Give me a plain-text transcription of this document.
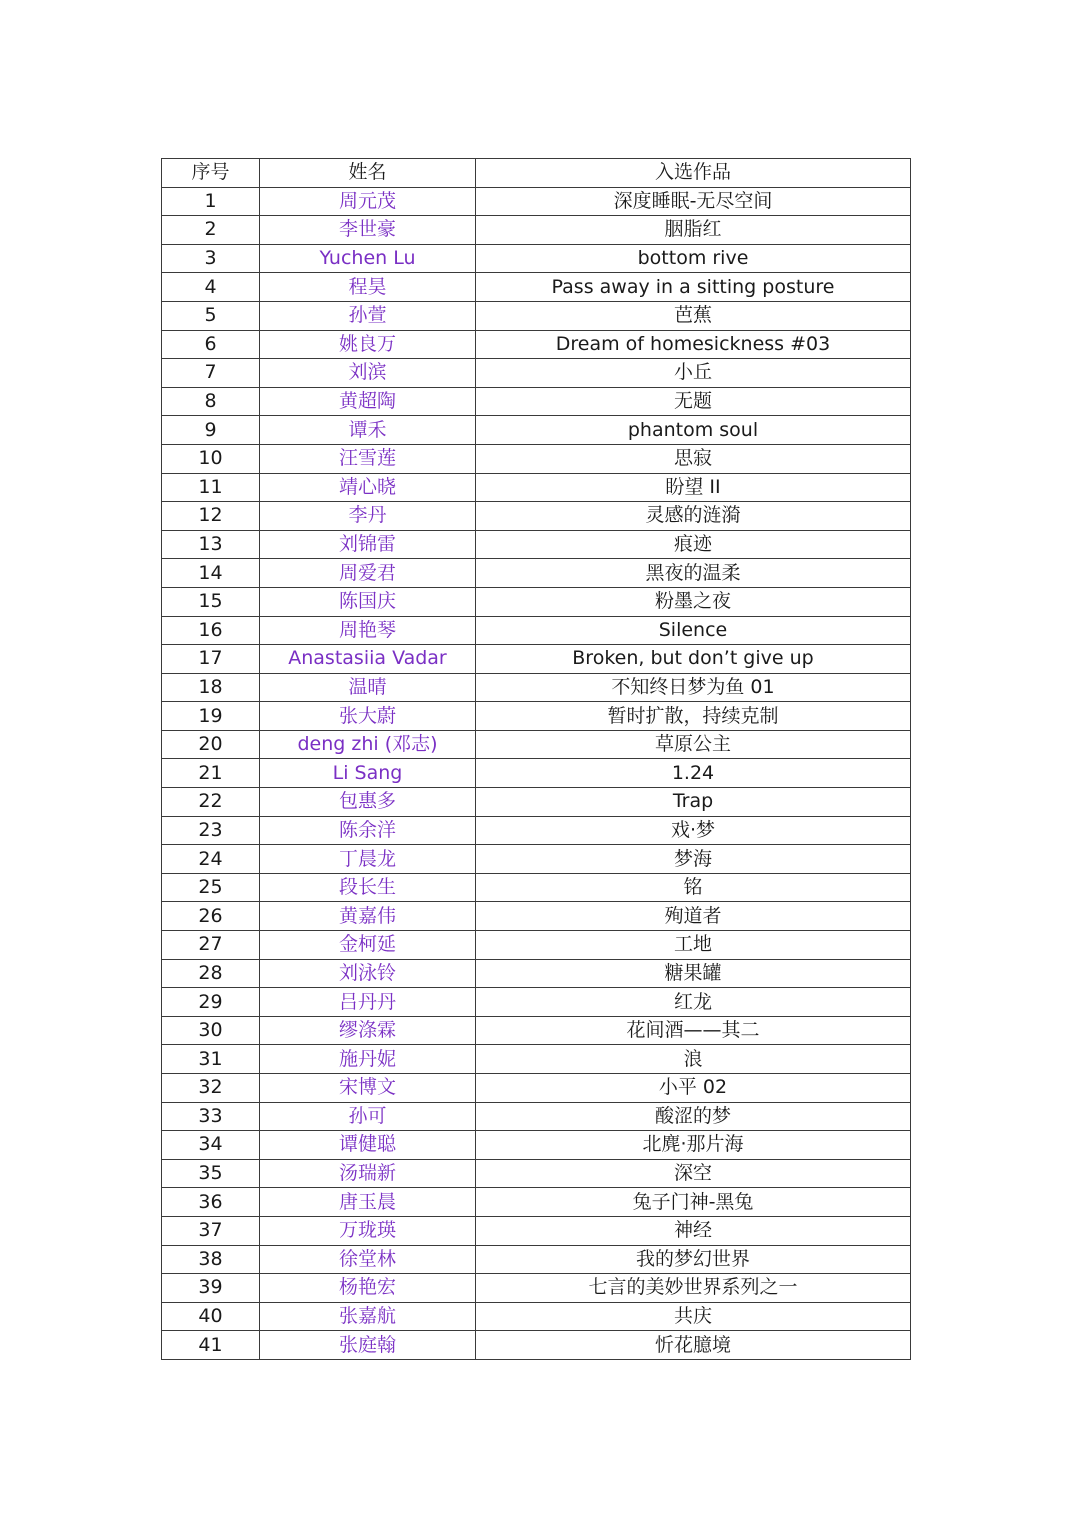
序号	姓名	入选作品
1	周元茂	深度睡眠-无尽空间
2	李世豪	胭脂红
3	Yuchen Lu	bottom rive
4	程昊	Pass away in a sitting posture
5	孙萱	芭蕉
6	姚良万	Dream of homesickness #03
7	刘滨	小丘
8	黄超陶	无题
9	谭禾	phantom soul
10	汪雪莲	思寂
11	靖心晓	盼望 II
12	李丹	灵感的涟漪
13	刘锦雷	痕迹
14	周爱君	黑夜的温柔
15	陈国庆	粉墨之夜
16	周艳琴	Silence
17	Anastasiia Vadar	Broken, but don’t give up
18	温晴	不知终日梦为鱼 01
19	张大蔚	暂时扩散，持续克制
20	deng zhi (邓志)	草原公主
21	Li Sang	1.24
22	包惠多	Trap
23	陈余洋	戏·梦
24	丁晨龙	梦海
25	段长生	铭
26	黄嘉伟	殉道者
27	金柯延	工地
28	刘泳铃	糖果罐
29	吕丹丹	红龙
30	缪涤霖	花间酒——其二
31	施丹妮	浪
32	宋博文	小平 02
33	孙可	酸涩的梦
34	谭健聪	北麂·那片海
35	汤瑞新	深空
36	唐玉晨	兔子门神-黑兔
37	万珑瑛	神经
38	徐堂林	我的梦幻世界
39	杨艳宏	七言的美妙世界系列之一
40	张嘉航	共庆
41	张庭翰	忻花臆境
